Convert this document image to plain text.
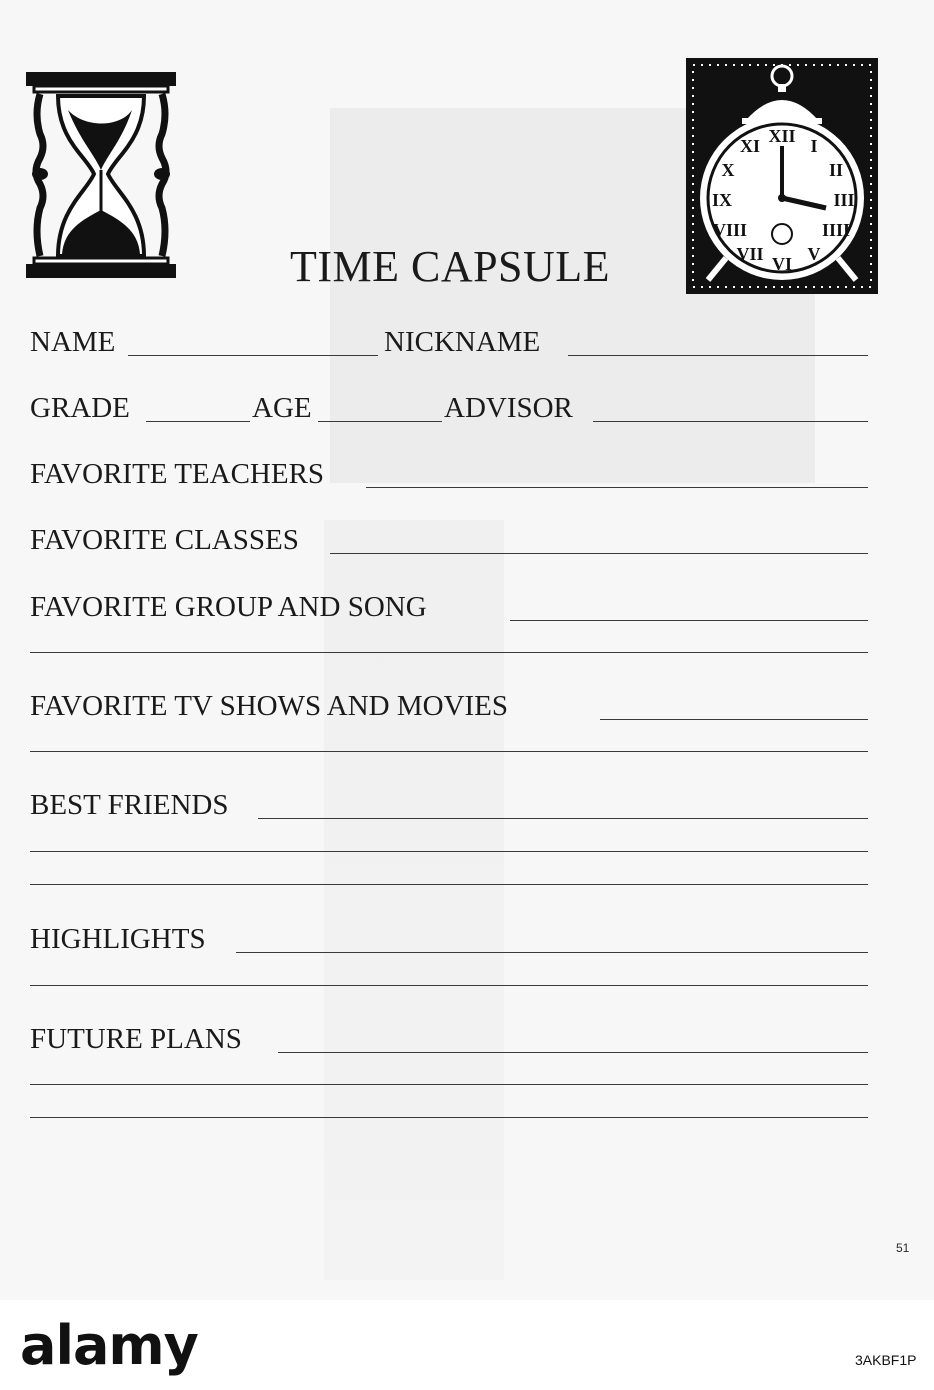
XII I
II
III
IIII
V
VI
VII
VIII
IX
X
XI
TIME CAPSULE
NAME	NICKNAME
GRADE	AGE	ADVISOR
FAVORITE TEACHERS
FAVORITE CLASSES
FAVORITE GROUP AND SONG
FAVORITE TV SHOWS AND MOVIES
BEST FRIENDS
HIGHLIGHTS
FUTURE PLANS
51
alamy	3AKBF1P
